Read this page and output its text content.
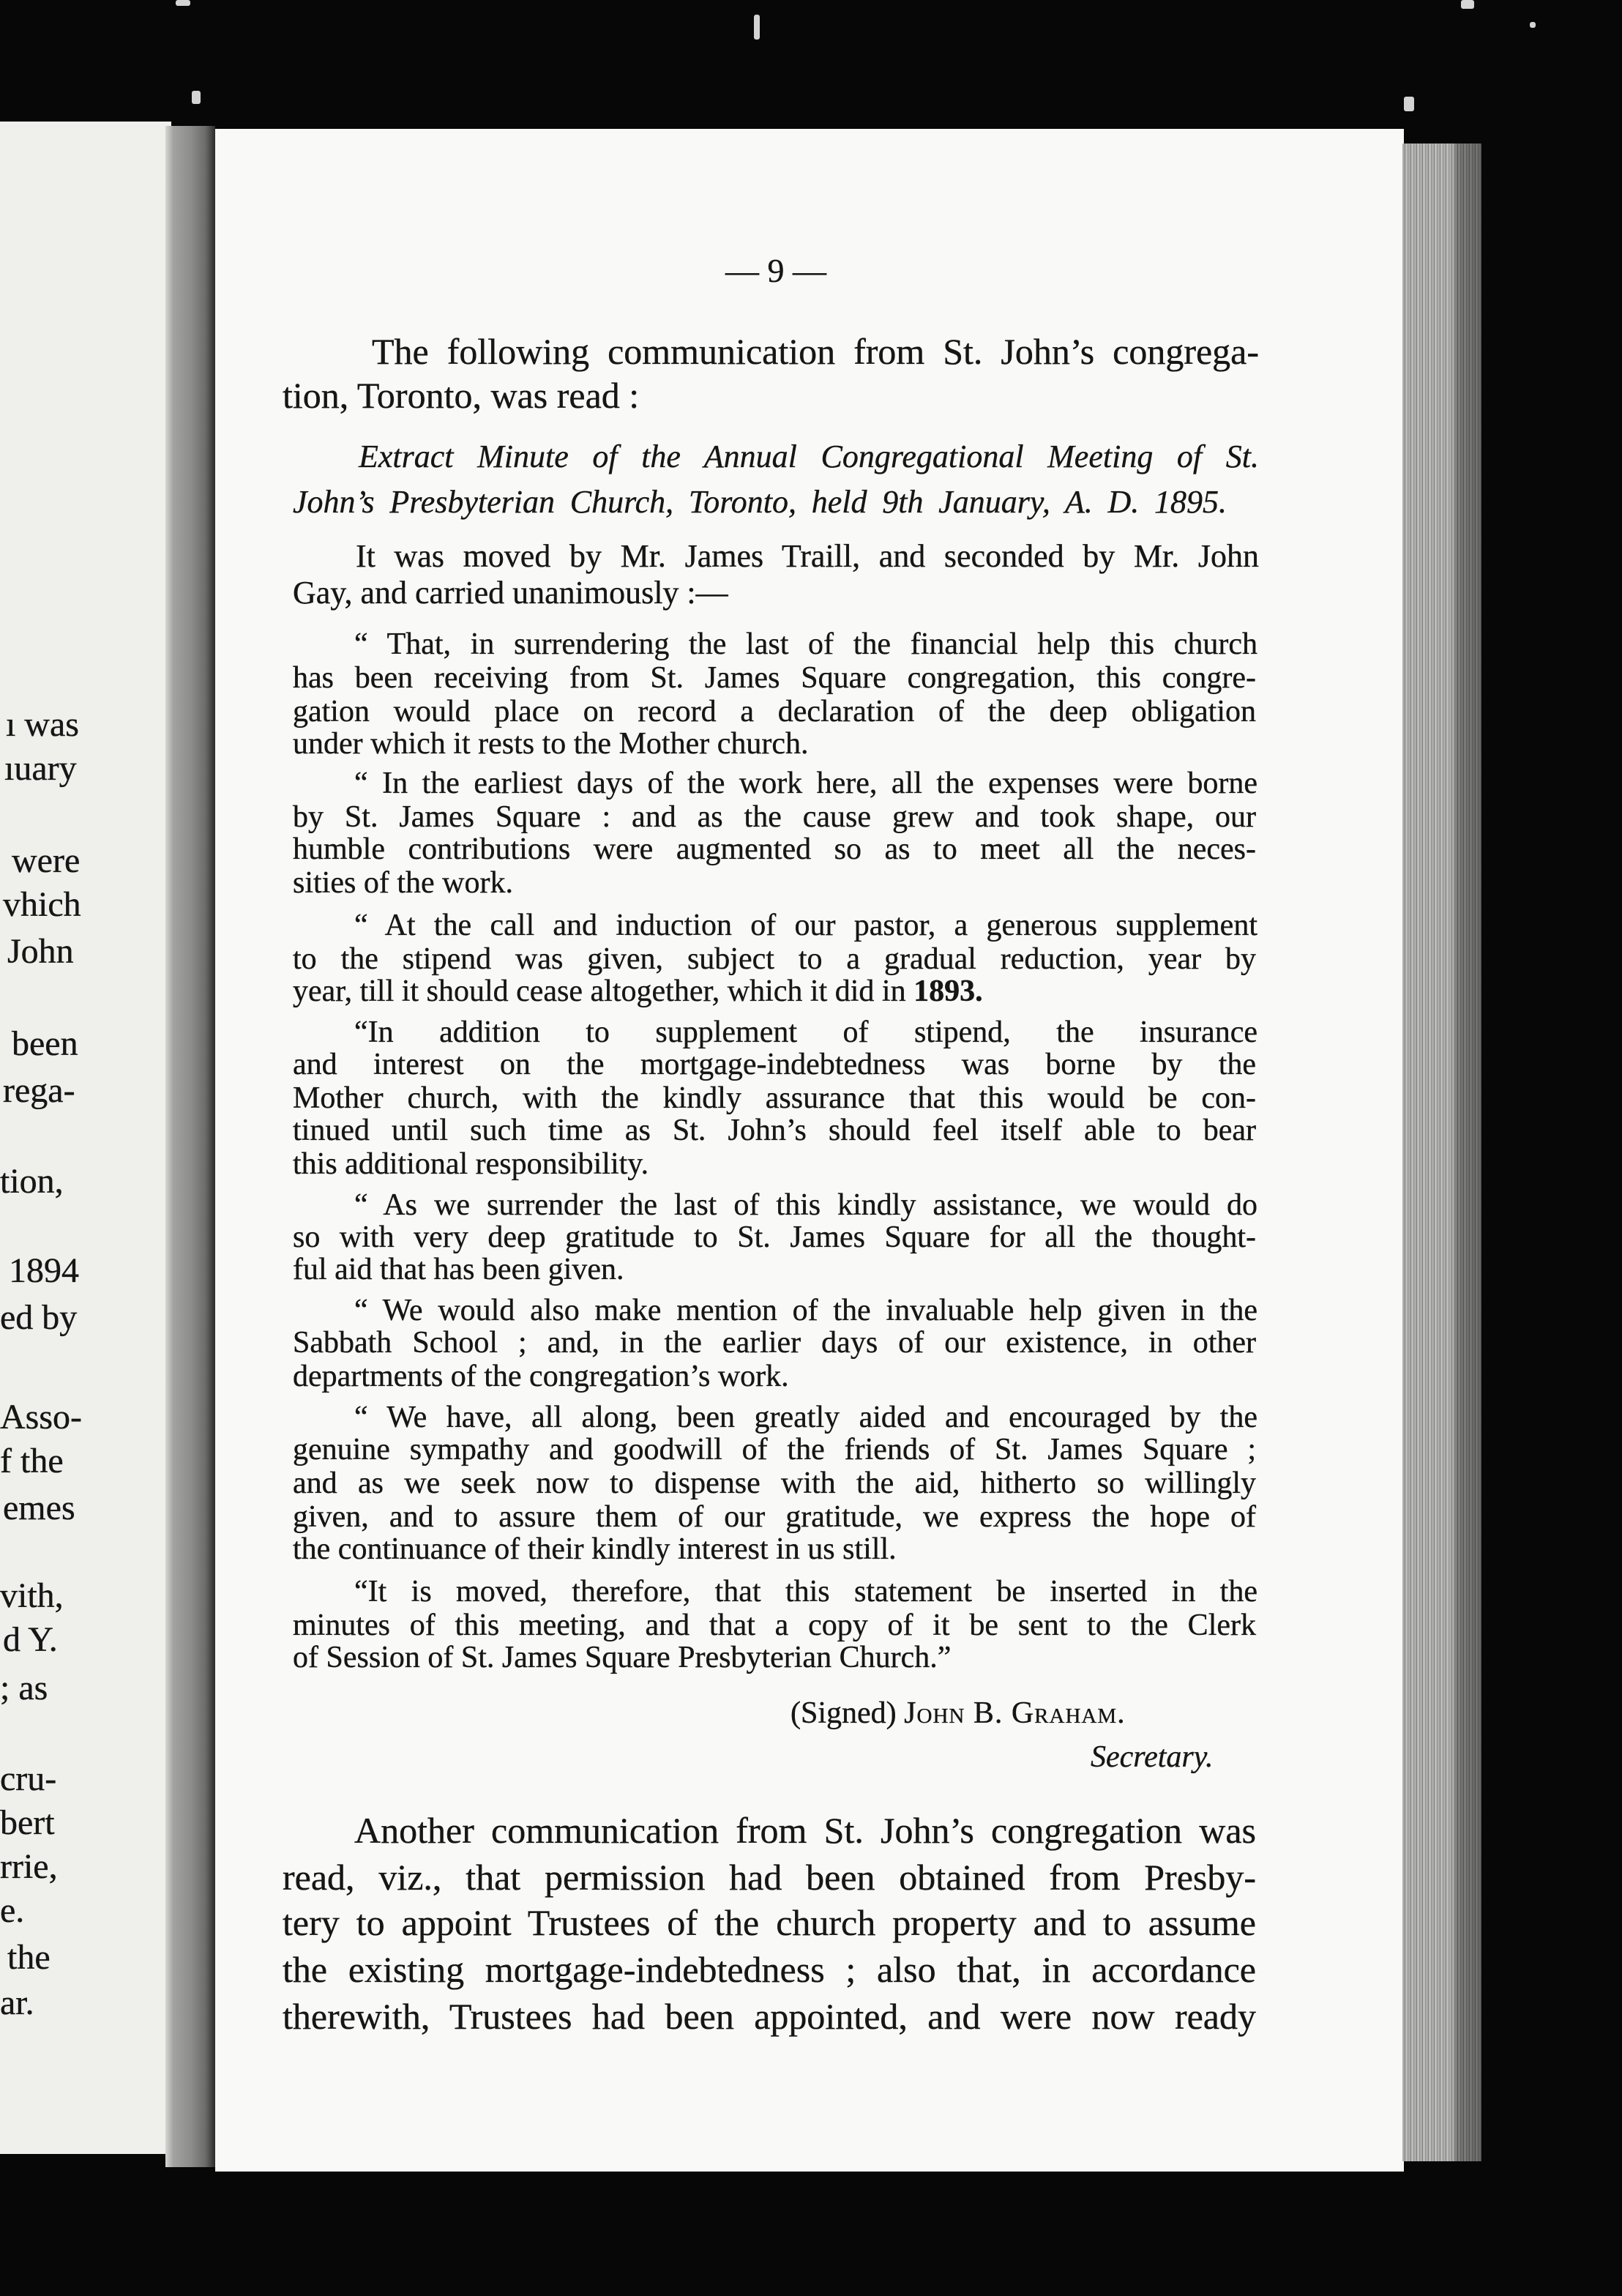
ı was
ıuary
were
vhich
John
been
rega-
tion,
1894
ed by
Asso-
f the
emes
vith,
d Y.
; as
cru-
bert
rrie,
e.
the
ar.
— 9 —
The following communication from St. John’s congrega-
tion, Toronto, was read :
Extract Minute of the Annual Congregational Meeting of St.
John’s Presbyterian Church, Toronto, held 9th January, A. D. 1895.
It was moved by Mr. James Traill, and seconded by Mr. John
Gay, and carried unanimously :—
“ That, in surrendering the last of the financial help this church
has been receiving from St. James Square congregation, this congre-
gation would place on record a declaration of the deep obligation
under which it rests to the Mother church.
“ In the earliest days of the work here, all the expenses were borne
by St. James Square : and as the cause grew and took shape, our
humble contributions were augmented so as to meet all the neces-
sities of the work.
“ At the call and induction of our pastor, a generous supplement
to the stipend was given, subject to a gradual reduction, year by
year, till it should cease altogether, which it did in 1893.
“In addition to supplement of stipend, the insurance
and interest on the mortgage-indebtedness was borne by the
Mother church, with the kindly assurance that this would be con-
tinued until such time as St. John’s should feel itself able to bear
this additional responsibility.
“ As we surrender the last of this kindly assistance, we would do
so with very deep gratitude to St. James Square for all the thought-
ful aid that has been given.
“ We would also make mention of the invaluable help given in the
Sabbath School ; and, in the earlier days of our existence, in other
departments of the congregation’s work.
“ We have, all along, been greatly aided and encouraged by the
genuine sympathy and goodwill of the friends of St. James Square ;
and as we seek now to dispense with the aid, hitherto so willingly
given, and to assure them of our gratitude, we express the hope of
the continuance of their kindly interest in us still.
“It is moved, therefore, that this statement be inserted in the
minutes of this meeting, and that a copy of it be sent to the Clerk
of Session of St. James Square Presbyterian Church.”
(Signed) John B. Graham.
Secretary.
Another communication from St. John’s congregation was
read, viz., that permission had been obtained from Presby-
tery to appoint Trustees of the church property and to assume
the existing mortgage-indebtedness ; also that, in accordance
therewith, Trustees had been appointed, and were now ready
